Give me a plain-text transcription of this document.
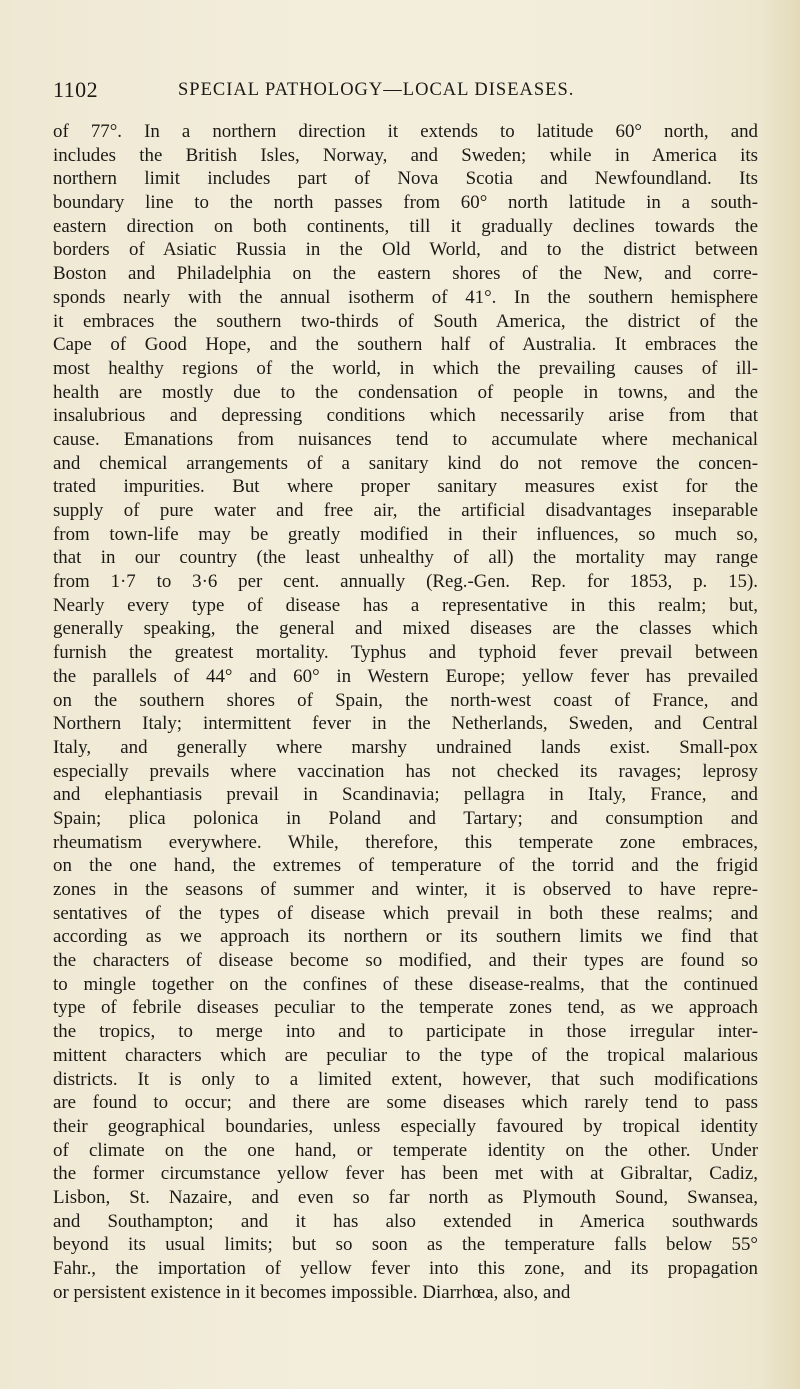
1102	SPECIAL PATHOLOGY—LOCAL DISEASES.
of 77°. In a northern direction it extends to latitude 60° north, and
includes the British Isles, Norway, and Sweden; while in America its
northern limit includes part of Nova Scotia and Newfoundland. Its
boundary line to the north passes from 60° north latitude in a south-
eastern direction on both continents, till it gradually declines towards the
borders of Asiatic Russia in the Old World, and to the district between
Boston and Philadelphia on the eastern shores of the New, and corre-
sponds nearly with the annual isotherm of 41°. In the southern hemisphere
it embraces the southern two-thirds of South America, the district of the
Cape of Good Hope, and the southern half of Australia. It embraces the
most healthy regions of the world, in which the prevailing causes of ill-
health are mostly due to the condensation of people in towns, and the
insalubrious and depressing conditions which necessarily arise from that
cause. Emanations from nuisances tend to accumulate where mechanical
and chemical arrangements of a sanitary kind do not remove the concen-
trated impurities. But where proper sanitary measures exist for the
supply of pure water and free air, the artificial disadvantages inseparable
from town-life may be greatly modified in their influences, so much so,
that in our country (the least unhealthy of all) the mortality may range
from 1·7 to 3·6 per cent. annually (Reg.-Gen. Rep. for 1853, p. 15).
Nearly every type of disease has a representative in this realm; but,
generally speaking, the general and mixed diseases are the classes which
furnish the greatest mortality. Typhus and typhoid fever prevail between
the parallels of 44° and 60° in Western Europe; yellow fever has prevailed
on the southern shores of Spain, the north-west coast of France, and
Northern Italy; intermittent fever in the Netherlands, Sweden, and Central
Italy, and generally where marshy undrained lands exist. Small-pox
especially prevails where vaccination has not checked its ravages; leprosy
and elephantiasis prevail in Scandinavia; pellagra in Italy, France, and
Spain; plica polonica in Poland and Tartary; and consumption and
rheumatism everywhere. While, therefore, this temperate zone embraces,
on the one hand, the extremes of temperature of the torrid and the frigid
zones in the seasons of summer and winter, it is observed to have repre-
sentatives of the types of disease which prevail in both these realms; and
according as we approach its northern or its southern limits we find that
the characters of disease become so modified, and their types are found so
to mingle together on the confines of these disease-realms, that the continued
type of febrile diseases peculiar to the temperate zones tend, as we approach
the tropics, to merge into and to participate in those irregular inter-
mittent characters which are peculiar to the type of the tropical malarious
districts. It is only to a limited extent, however, that such modifications
are found to occur; and there are some diseases which rarely tend to pass
their geographical boundaries, unless especially favoured by tropical identity
of climate on the one hand, or temperate identity on the other. Under
the former circumstance yellow fever has been met with at Gibraltar, Cadiz,
Lisbon, St. Nazaire, and even so far north as Plymouth Sound, Swansea,
and Southampton; and it has also extended in America southwards
beyond its usual limits; but so soon as the temperature falls below 55°
Fahr., the importation of yellow fever into this zone, and its propagation
or persistent existence in it becomes impossible. Diarrhœa, also, and
